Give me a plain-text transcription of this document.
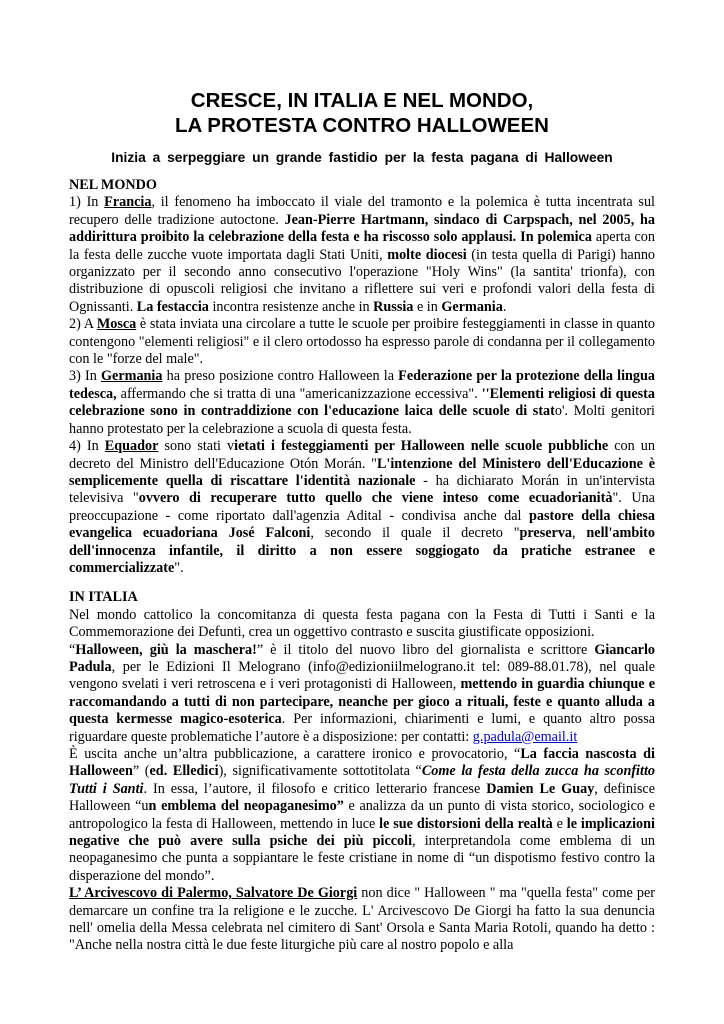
CRESCE, IN ITALIA E NEL MONDO,
LA PROTESTA CONTRO HALLOWEEN

Inizia a serpeggiare un grande fastidio per la festa pagana di Halloween

NEL MONDO

1) In Francia, il fenomeno ha imboccato il viale del tramonto e la polemica è tutta incentrata sul recupero delle tradizione autoctone. Jean-Pierre Hartmann, sindaco di Carpspach, nel 2005, ha addirittura proibito la celebrazione della festa e ha riscosso solo applausi. In polemica aperta con la festa delle zucche vuote importata dagli Stati Uniti, molte diocesi (in testa quella di Parigi) hanno organizzato per il secondo anno consecutivo l'operazione "Holy Wins" (la santita' trionfa), con distribuzione di opuscoli religiosi che invitano a riflettere sui veri e profondi valori della festa di Ognissanti. La festaccia incontra resistenze anche in Russia e in Germania.

2) A Mosca è stata inviata una circolare a tutte le scuole per proibire festeggiamenti in classe in quanto contengono "elementi religiosi" e il clero ortodosso ha espresso parole di condanna per il collegamento con le "forze del male".

3) In Germania ha preso posizione contro Halloween la Federazione per la protezione della lingua tedesca, affermando che si tratta di una "americanizzazione eccessiva". ''Elementi religiosi di questa celebrazione sono in contraddizione con l'educazione laica delle scuole di stato'. Molti genitori hanno protestato per la celebrazione a scuola di questa festa.

4) In Equador sono stati vietati i festeggiamenti per Halloween nelle scuole pubbliche con un decreto del Ministro dell'Educazione Otón Morán. "L'intenzione del Ministero dell'Educazione è semplicemente quella di riscattare l'identità nazionale - ha dichiarato Morán in un'intervista televisiva "ovvero di recuperare tutto quello che viene inteso come ecuadorianità". Una preoccupazione - come riportato dall'agenzia Adital - condivisa anche dal pastore della chiesa evangelica ecuadoriana José Falconi, secondo il quale il decreto "preserva, nell'ambito dell'innocenza infantile, il diritto a non essere soggiogato da pratiche estranee e commercializzate".

IN ITALIA

Nel mondo cattolico la concomitanza di questa festa pagana con la Festa di Tutti i Santi e la Commemorazione dei Defunti, crea un oggettivo contrasto e suscita giustificate opposizioni.

“Halloween, giù la maschera!” è il titolo del nuovo libro del giornalista e scrittore Giancarlo Padula, per le Edizioni Il Melograno (info@edizioniilmelograno.it tel: 089-88.01.78), nel quale vengono svelati i veri retroscena e i veri protagonisti di Halloween, mettendo in guardia chiunque e raccomandando a tutti di non partecipare, neanche per gioco a rituali, feste e quanto alluda a questa kermesse magico-esoterica. Per informazioni, chiarimenti e lumi, e quanto altro possa riguardare queste problematiche l’autore è a disposizione: per contatti: g.padula@email.it

È uscita anche un’altra pubblicazione, a carattere ironico e provocatorio, “La faccia nascosta di Halloween” (ed. Elledici), significativamente sottotitolata “Come la festa della zucca ha sconfitto Tutti i Santi. In essa, l’autore, il filosofo e critico letterario francese Damien Le Guay, definisce Halloween “un emblema del neopaganesimo” e analizza da un punto di vista storico, sociologico e antropologico la festa di Halloween, mettendo in luce le sue distorsioni della realtà e le implicazioni negative che può avere sulla psiche dei più piccoli, interpretandola come emblema di un neopaganesimo che punta a soppiantare le feste cristiane in nome di “un dispotismo festivo contro la disperazione del mondo”.

L’ Arcivescovo di Palermo, Salvatore De Giorgi non dice " Halloween " ma "quella festa" come per demarcare un confine tra la religione e le zucche. L' Arcivescovo De Giorgi ha fatto la sua denuncia nell' omelia della Messa celebrata nel cimitero di Sant' Orsola e Santa Maria Rotoli, quando ha detto : "Anche nella nostra città le due feste liturgiche più care al nostro popolo e alla
